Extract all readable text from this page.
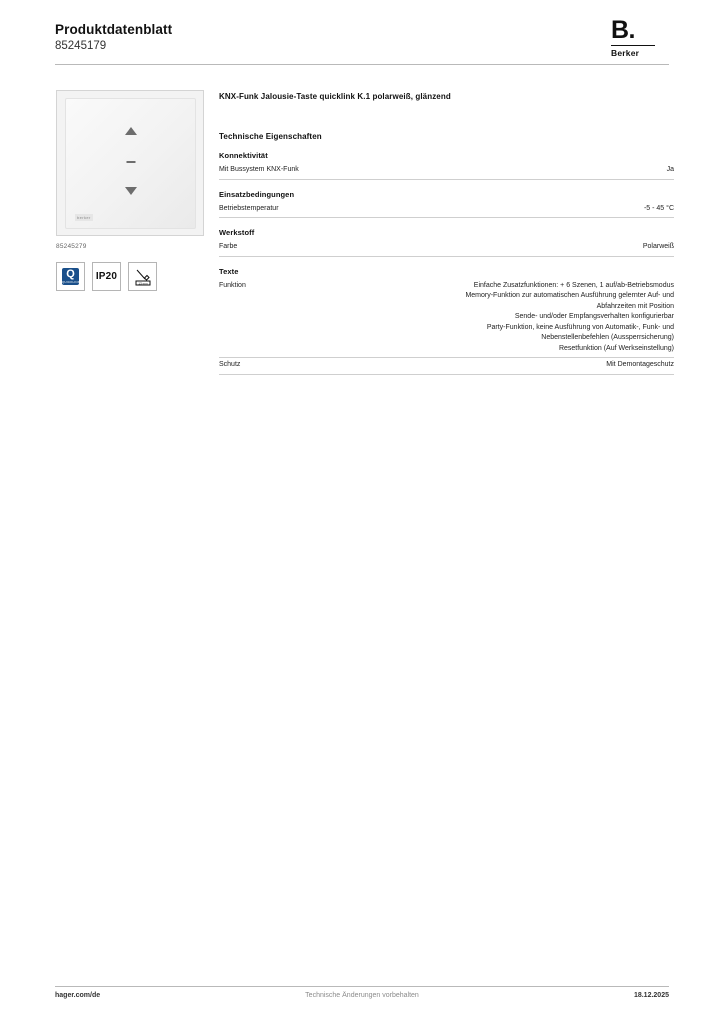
Produktdatenblatt
85245179
B.
Berker
berker
85245279
Q
QUICKLINK IP20
13 mm
KNX-Funk Jalousie-Taste quicklink K.1 polarweiß, glänzend
Technische Eigenschaften
Konnektivität
Mit Bussystem KNX-Funk	Ja
Einsatzbedingungen
Betriebstemperatur	-5 - 45 °C
Werkstoff
Farbe	Polarweiß
Texte
Funktion	Einfache Zusatzfunktionen: + 6 Szenen, 1 auf/ab-Betriebsmodus
Memory-Funktion zur automatischen Ausführung gelernter Auf- und
Abfahrzeiten mit Position
Sende- und/oder Empfangsverhalten konfigurierbar
Party-Funktion, keine Ausführung von Automatik-, Funk- und
Nebenstellenbefehlen (Aussperrsicherung)
Resetfunktion (Auf Werkseinstellung)

Schutz	Mit Demontageschutz
hager.com/de	Technische Änderungen vorbehalten	18.12.2025
